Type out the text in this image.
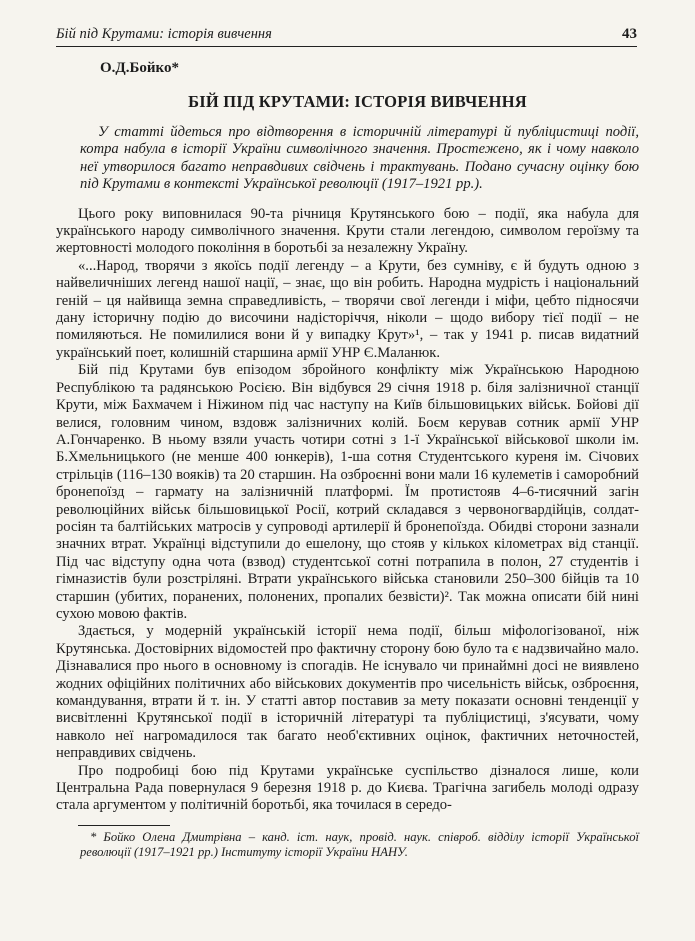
Бій під Крутами: історія вивчення	43
О.Д.Бойко*
БІЙ ПІД КРУТАМИ: ІСТОРІЯ ВИВЧЕННЯ

У статті йдеться про відтворення в історичній літературі й публіцистиці події, котра набула в історії України символічного значення. Простежено, як і чому навколо неї утворилося багато неправдивих свідчень і трактувань. Подано сучасну оцінку бою під Крутами в контексті Української революції (1917–1921 рр.).

Цього року виповнилася 90-та річниця Крутянського бою – події, яка набула для українського народу символічного значення. Крути стали легендою, символом героїзму та жертовності молодого покоління в боротьбі за незалежну Україну.

«...Народ, творячи з якоїсь події легенду – а Крути, без сумніву, є й будуть одною з найвеличніших легенд нашої нації, – знає, що він робить. Народна мудрість і національний геній – ця найвища земна справедливість, – творячи свої легенди і міфи, цебто підносячи дану історичну подію до височини надісторіччя, ніколи – щодо вибору тієї події – не помиляються. Не помилилися вони й у випадку Крут»¹, – так у 1941 р. писав видатний український поет, колишній старшина армії УНР Є.Маланюк.

Бій під Крутами був епізодом збройного конфлікту між Українською Народною Республікою та радянською Росією. Він відбувся 29 січня 1918 р. біля залізничної станції Крути, між Бахмачем і Ніжином під час наступу на Київ більшовицьких військ. Бойові дії велися, головним чином, вздовж залізничних колій. Боєм керував сотник армії УНР А.Гончаренко. В ньому взяли участь чотири сотні з 1-ї Української військової школи ім. Б.Хмельницького (не менше 400 юнкерів), 1-ша сотня Студентського куреня ім. Січових стрільців (116–130 вояків) та 20 старшин. На озброєнні вони мали 16 кулеметів і саморобний бронепоїзд – гармату на залізничній платформі. Їм протистояв 4–6-тисячний загін революційних військ більшовицької Росії, котрий складався з червоногвардійців, солдат-росіян та балтійських матросів у супроводі артилерії й бронепоїзда. Обидві сторони зазнали значних втрат. Українці відступили до ешелону, що стояв у кількох кілометрах від станції. Під час відступу одна чота (взвод) студентської сотні потрапила в полон, 27 студентів і гімназистів були розстріляні. Втрати українського війська становили 250–300 бійців та 10 старшин (убитих, поранених, полонених, пропалих безвісти)². Так можна описати бій нині сухою мовою фактів.

Здається, у модерній українській історії нема події, більш міфологізованої, ніж Крутянська. Достовірних відомостей про фактичну сторону бою було та є надзвичайно мало. Дізнавалися про нього в основному із спогадів. Не існувало чи принаймні досі не виявлено жодних офіційних політичних або військових документів про чисельність військ, озброєння, командування, втрати й т. ін. У статті автор поставив за мету показати основні тенденції у висвітленні Крутянської події в історичній літературі та публіцистиці, з'ясувати, чому навколо неї нагромадилося так багато необ'єктивних оцінок, фактичних неточностей, неправдивих свідчень.

Про подробиці бою під Крутами українське суспільство дізналося лише, коли Центральна Рада повернулася 9 березня 1918 р. до Києва. Трагічна загибель молоді одразу стала аргументом у політичній боротьбі, яка точилася в середо-

* Бойко Олена Дмитрівна – канд. іст. наук, провід. наук. співроб. відділу історії Української революції (1917–1921 рр.) Інституту історії України НАНУ.
